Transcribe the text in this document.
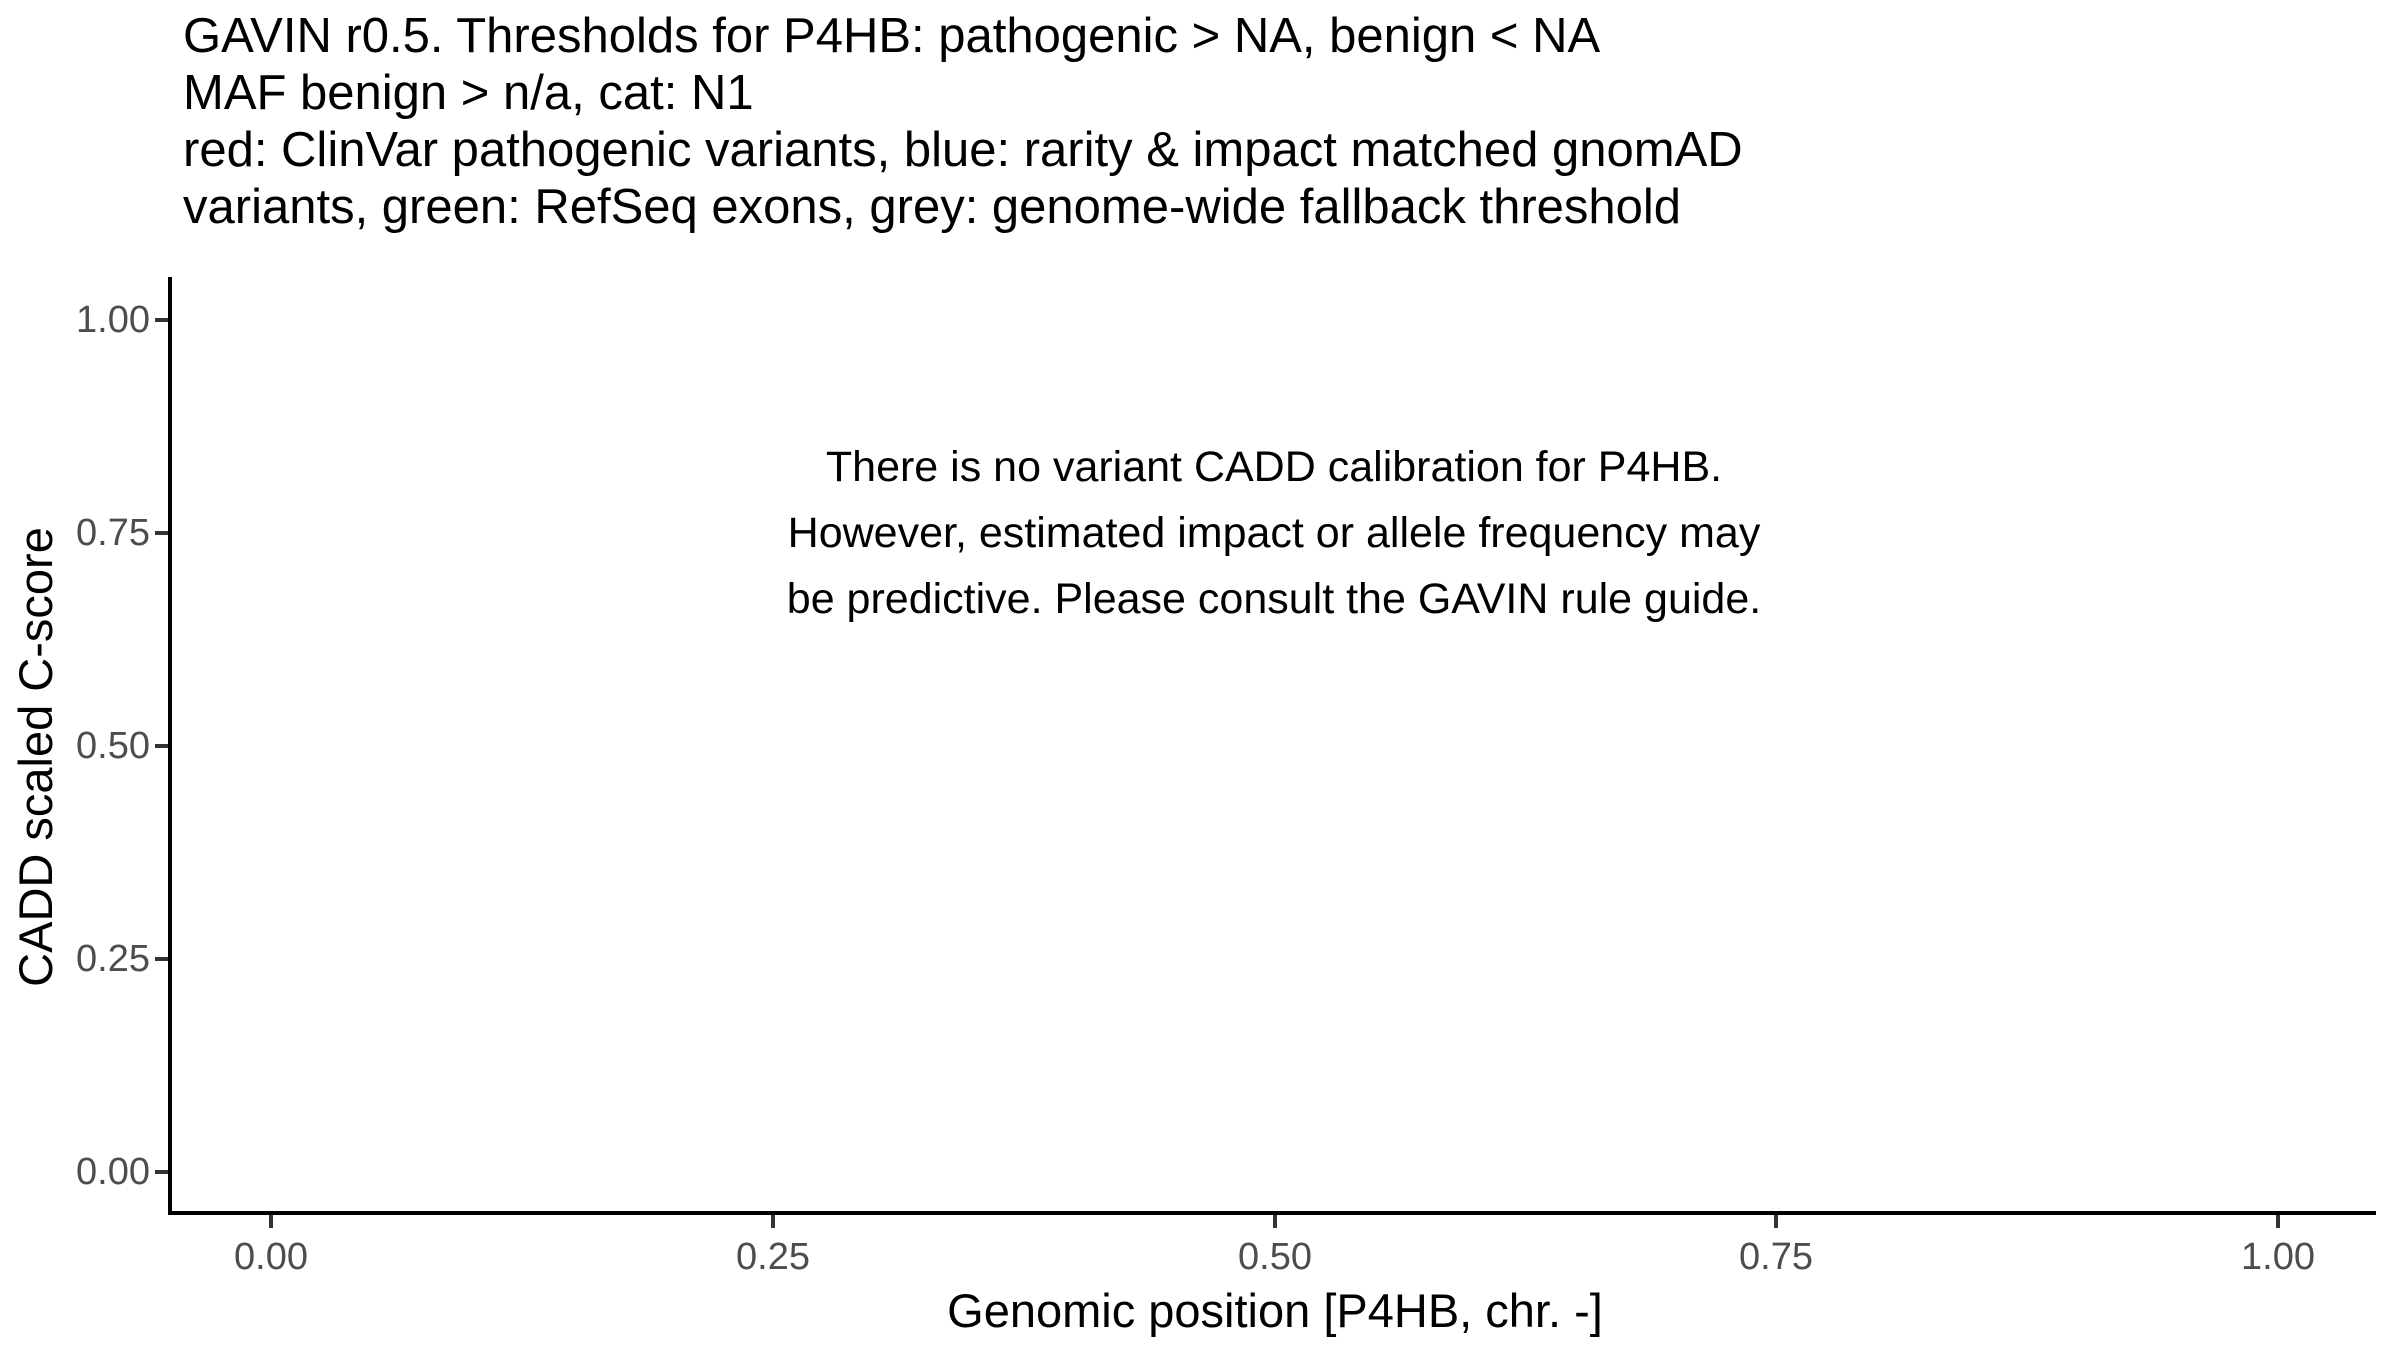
GAVIN r0.5. Thresholds for P4HB: pathogenic > NA, benign < NA
MAF benign > n/a, cat: N1
red: ClinVar pathogenic variants, blue: rarity & impact matched gnomAD
variants, green: RefSeq exons, grey: genome-wide fallback threshold
There is no variant CADD calibration for P4HB.
However, estimated impact or allele frequency may
be predictive. Please consult the GAVIN rule guide.
1.00
0.75
0.50
0.25
0.00
0.00	0.25	0.50	0.75	1.00
Genomic position [P4HB, chr. -]
CADD scaled C-score
